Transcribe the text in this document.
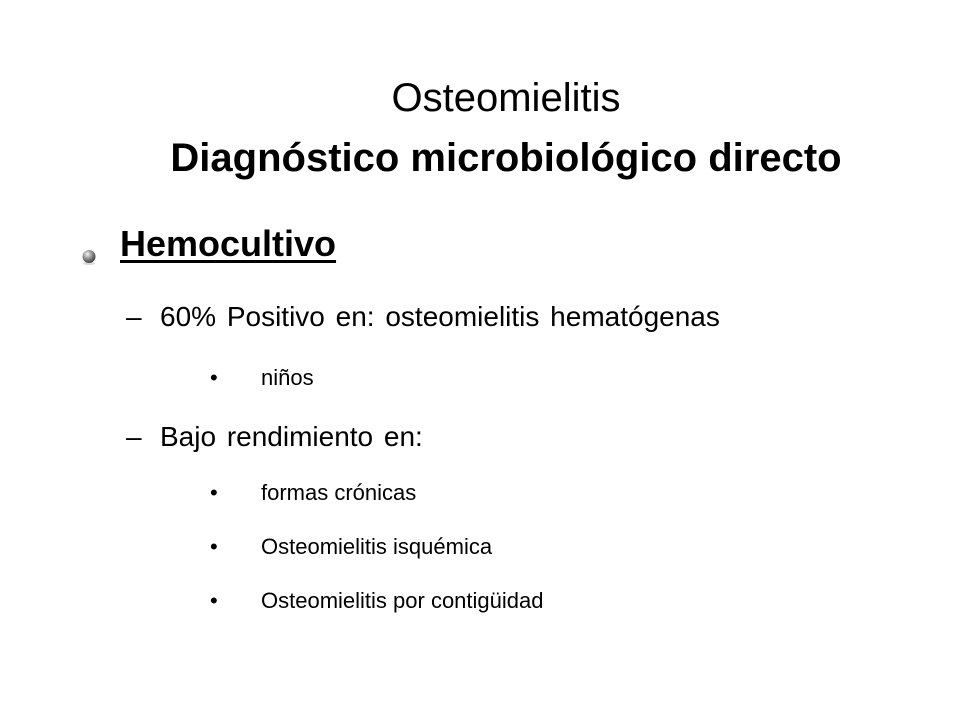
Osteomielitis
Diagnóstico microbiológico directo
Hemocultivo
– 60% Positivo en: osteomielitis hematógenas
• niños
– Bajo rendimiento en:
• formas crónicas
• Osteomielitis isquémica
• Osteomielitis por contigüidad
